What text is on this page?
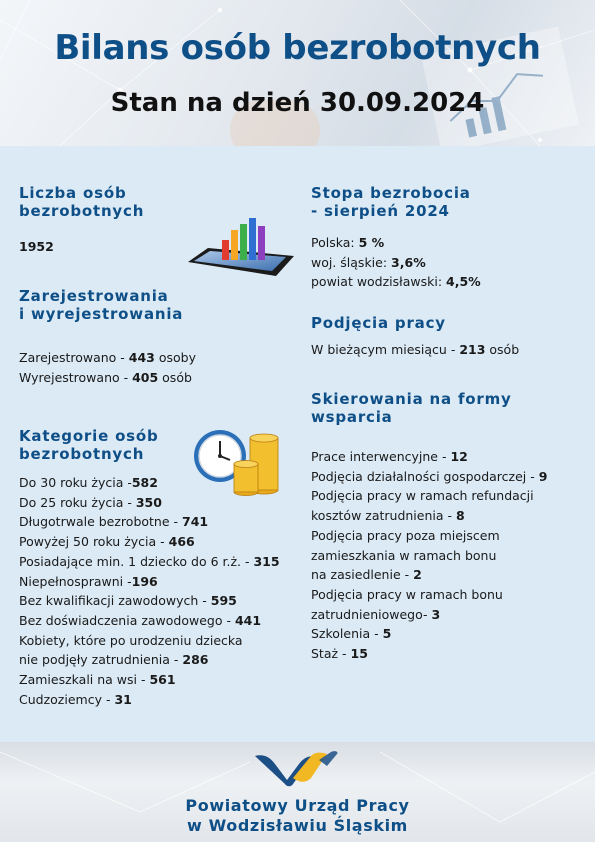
Bilans osób bezrobotnych
Stan na dzień 30.09.2024
Liczba osób
bezrobotnych
1952
Zarejestrowania
i wyrejestrowania
Zarejestrowano - 443 osoby
Wyrejestrowano - 405 osób
Kategorie osób
bezrobotnych
Do 30 roku życia -582
Do 25 roku życia - 350
Długotrwale bezrobotne - 741
Powyżej 50 roku życia - 466
Posiadające min. 1 dziecko do 6 r.ż. - 315
Niepełnosprawni -196
Bez kwalifikacji zawodowych - 595
Bez doświadczenia zawodowego - 441
Kobiety, które po urodzeniu dziecka
nie podjęły zatrudnienia - 286
Zamieszkali na wsi - 561
Cudzoziemcy - 31
Stopa bezrobocia
- sierpień 2024
Polska: 5 %
woj. śląskie: 3,6%
powiat wodzisławski: 4,5%
Podjęcia pracy
W bieżącym miesiącu - 213 osób
Skierowania na formy
wsparcia
Prace interwencyjne - 12
Podjęcia działalności gospodarczej - 9
Podjęcia pracy w ramach refundacji
kosztów zatrudnienia - 8
Podjęcia pracy poza miejscem
zamieszkania w ramach bonu
na zasiedlenie - 2
Podjęcia pracy w ramach bonu
zatrudnieniowego- 3
Szkolenia - 5
Staż - 15
Powiatowy Urząd Pracy
w Wodzisławiu Śląskim
